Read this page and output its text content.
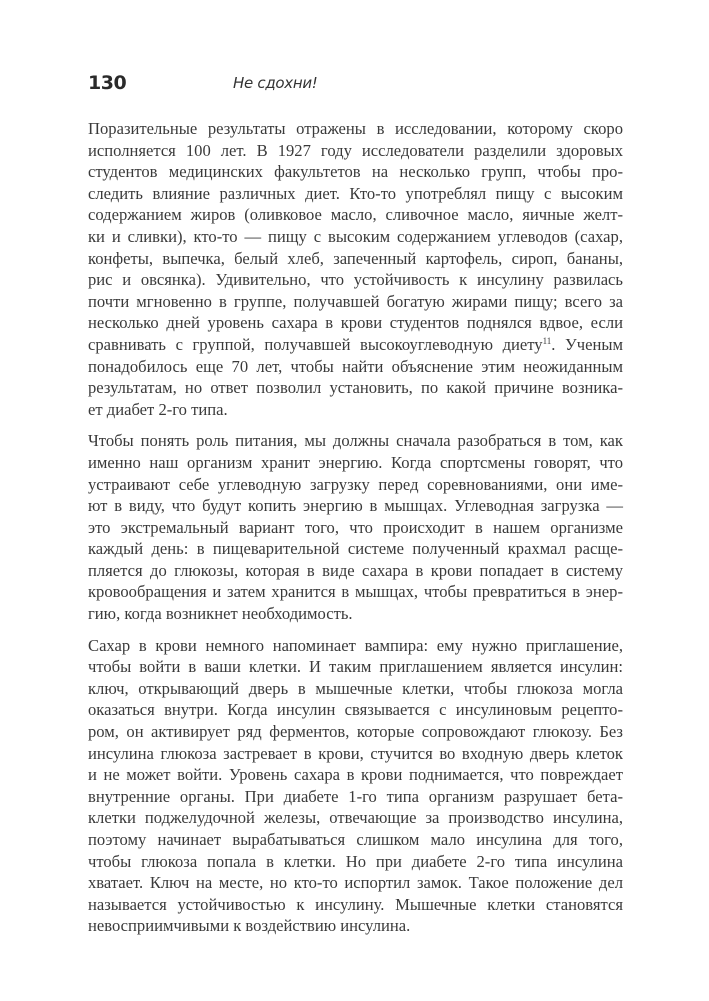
130	Не сдохни!

Поразительные результаты отражены в исследовании, которому скоро
исполняется 100 лет. В 1927 году исследователи разделили здоровых
студентов медицинских факультетов на несколько групп, чтобы про-
следить влияние различных диет. Кто-то употреблял пищу с высоким
содержанием жиров (оливковое масло, сливочное масло, яичные желт-
ки и сливки), кто-то — пищу с высоким содержанием углеводов (сахар,
конфеты, выпечка, белый хлеб, запеченный картофель, сироп, бананы,
рис и овсянка). Удивительно, что устойчивость к инсулину развилась
почти мгновенно в группе, получавшей богатую жирами пищу; всего за
несколько дней уровень сахара в крови студентов поднялся вдвое, если
сравнивать с группой, получавшей высокоуглеводную диету$^{11}$. Ученым
понадобилось еще 70 лет, чтобы найти объяснение этим неожиданным
результатам, но ответ позволил установить, по какой причине возника-
ет диабет 2-го типа.

Чтобы понять роль питания, мы должны сначала разобраться в том, как
именно наш организм хранит энергию. Когда спортсмены говорят, что
устраивают себе углеводную загрузку перед соревнованиями, они име-
ют в виду, что будут копить энергию в мышцах. Углеводная загрузка —
это экстремальный вариант того, что происходит в нашем организме
каждый день: в пищеварительной системе полученный крахмал расще-
пляется до глюкозы, которая в виде сахара в крови попадает в систему
кровообращения и затем хранится в мышцах, чтобы превратиться в энер-
гию, когда возникнет необходимость.

Сахар в крови немного напоминает вампира: ему нужно приглашение,
чтобы войти в ваши клетки. И таким приглашением является инсулин:
ключ, открывающий дверь в мышечные клетки, чтобы глюкоза могла
оказаться внутри. Когда инсулин связывается с инсулиновым рецепто-
ром, он активирует ряд ферментов, которые сопровождают глюкозу. Без
инсулина глюкоза застревает в крови, стучится во входную дверь клеток
и не может войти. Уровень сахара в крови поднимается, что повреждает
внутренние органы. При диабете 1-го типа организм разрушает бета-
клетки поджелудочной железы, отвечающие за производство инсулина,
поэтому начинает вырабатываться слишком мало инсулина для того,
чтобы глюкоза попала в клетки. Но при диабете 2-го типа инсулина
хватает. Ключ на месте, но кто-то испортил замок. Такое положение дел
называется устойчивостью к инсулину. Мышечные клетки становятся
невосприимчивыми к воздействию инсулина.
